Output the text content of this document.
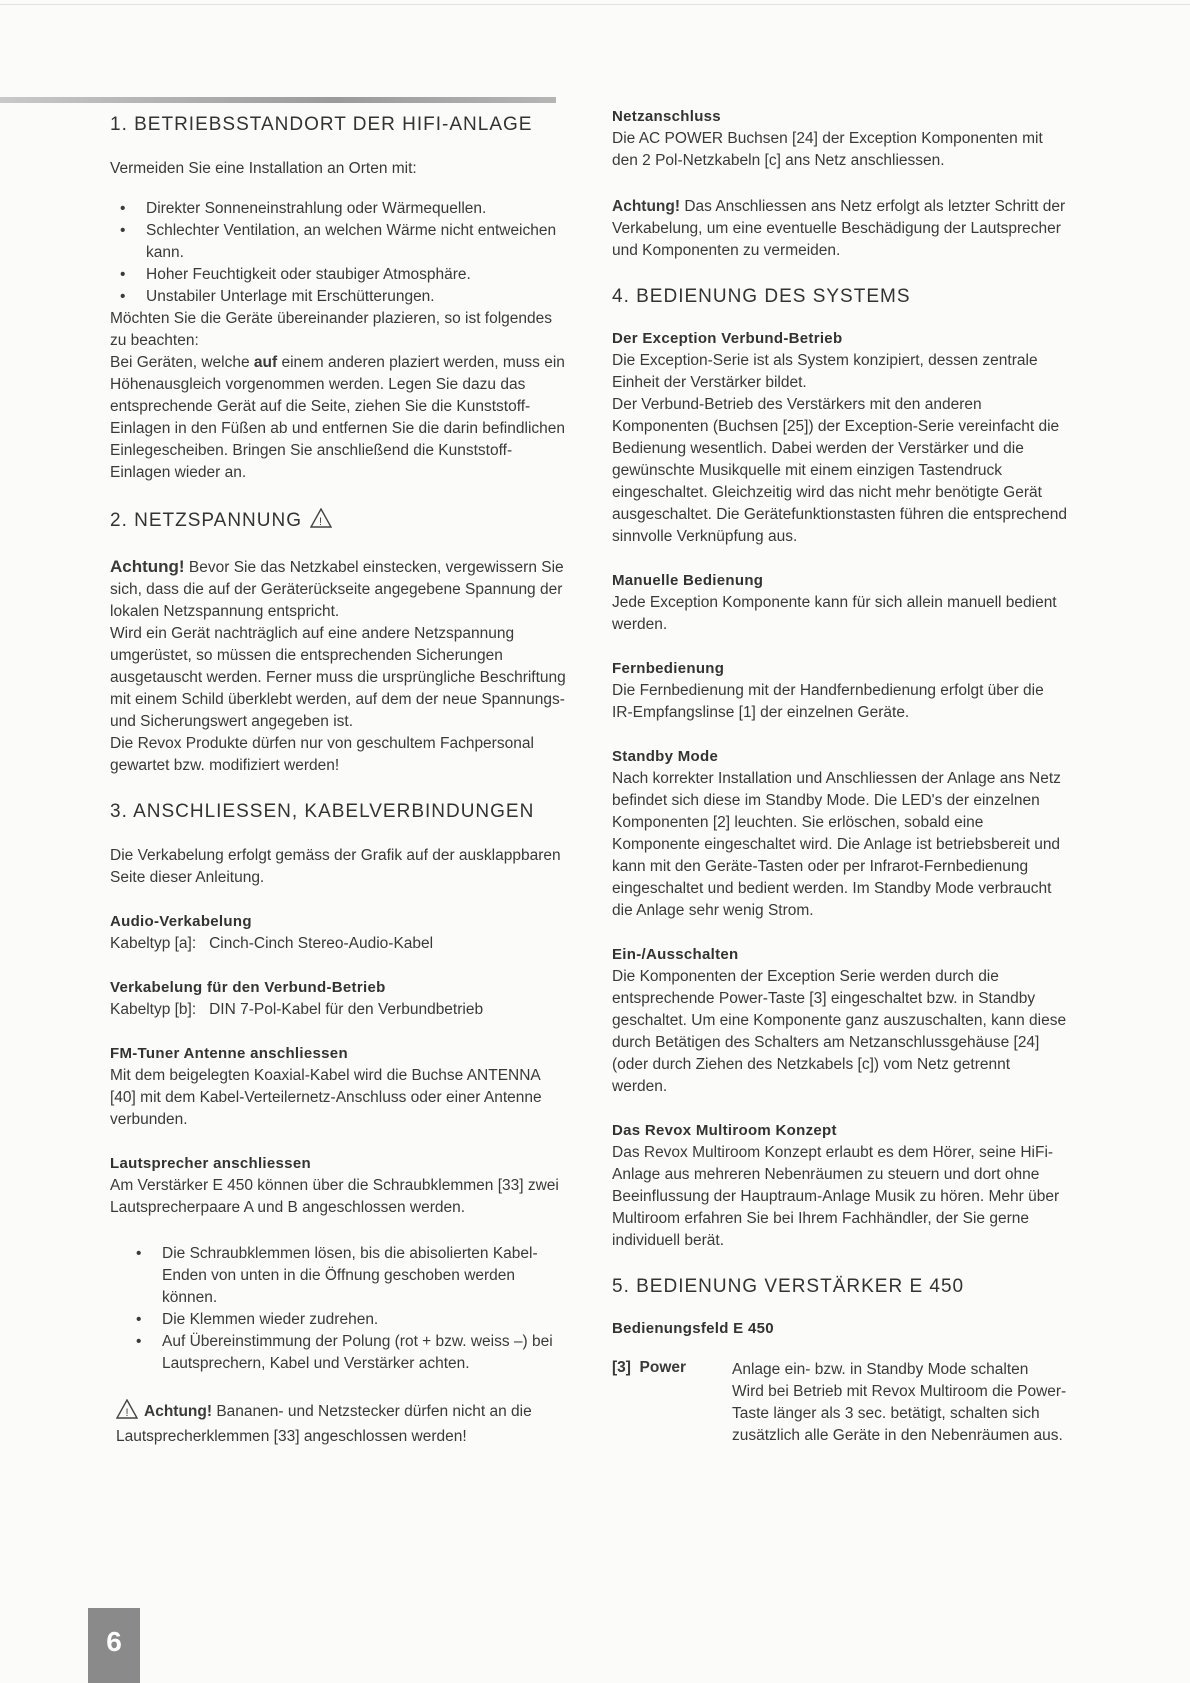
1. BETRIEBSSTANDORT DER HIFI-ANLAGE

Vermeiden Sie eine Installation an Orten mit:

• Direkter Sonneneinstrahlung oder Wärmequellen.
• Schlechter Ventilation, an welchen Wärme nicht entweichen kann.
• Hoher Feuchtigkeit oder staubiger Atmosphäre.
• Unstabiler Unterlage mit Erschütterungen.

Möchten Sie die Geräte übereinander plazieren, so ist folgendes zu beachten:

Bei Geräten, welche auf einem anderen plaziert werden, muss ein Höhenausgleich vorgenommen werden. Legen Sie dazu das entsprechende Gerät auf die Seite, ziehen Sie die Kunststoff-Einlagen in den Füßen ab und entfernen Sie die darin befindlichen Einlegescheiben. Bringen Sie anschließend die Kunststoff-Einlagen wieder an.

2. NETZSPANNUNG !

Achtung! Bevor Sie das Netzkabel einstecken, vergewissern Sie sich, dass die auf der Geräterückseite angegebene Spannung der lokalen Netzspannung entspricht.

Wird ein Gerät nachträglich auf eine andere Netzspannung umgerüstet, so müssen die entsprechenden Sicherungen ausgetauscht werden. Ferner muss die ursprüngliche Beschriftung mit einem Schild überklebt werden, auf dem der neue Spannungs- und Sicherungswert angegeben ist.

Die Revox Produkte dürfen nur von geschultem Fachpersonal gewartet bzw. modifiziert werden!

3. ANSCHLIESSEN, KABELVERBINDUNGEN

Die Verkabelung erfolgt gemäss der Grafik auf der ausklappbaren Seite dieser Anleitung.

Audio-Verkabelung

Kabeltyp [a]:   Cinch-Cinch Stereo-Audio-Kabel

Verkabelung für den Verbund-Betrieb

Kabeltyp [b]:   DIN 7-Pol-Kabel für den Verbundbetrieb

FM-Tuner Antenne anschliessen

Mit dem beigelegten Koaxial-Kabel wird die Buchse ANTENNA [40] mit dem Kabel-Verteilernetz-Anschluss oder einer Antenne verbunden.

Lautsprecher anschliessen

Am Verstärker E 450 können über die Schraubklemmen [33] zwei Lautsprecherpaare A und B angeschlossen werden.

• Die Schraubklemmen lösen, bis die abisolierten Kabel-Enden von unten in die Öffnung geschoben werden können.
• Die Klemmen wieder zudrehen.
• Auf Übereinstimmung der Polung (rot + bzw. weiss –) bei Lautsprechern, Kabel und Verstärker achten.

! Achtung! Bananen- und Netzstecker dürfen nicht an die Lautsprecherklemmen [33] angeschlossen werden!

Netzanschluss

Die AC POWER Buchsen [24] der Exception Komponenten mit den 2 Pol-Netzkabeln [c] ans Netz anschliessen.

Achtung! Das Anschliessen ans Netz erfolgt als letzter Schritt der Verkabelung, um eine eventuelle Beschädigung der Lautsprecher und Komponenten zu vermeiden.

4. BEDIENUNG DES SYSTEMS
Der Exception Verbund-Betrieb

Die Exception-Serie ist als System konzipiert, dessen zentrale Einheit der Verstärker bildet.

Der Verbund-Betrieb des Verstärkers mit den anderen Komponenten (Buchsen [25]) der Exception-Serie vereinfacht die Bedienung wesentlich. Dabei werden der Verstärker und die gewünschte Musikquelle mit einem einzigen Tastendruck eingeschaltet. Gleichzeitig wird das nicht mehr benötigte Gerät ausgeschaltet. Die Gerätefunktionstasten führen die entsprechend sinnvolle Verknüpfung aus.

Manuelle Bedienung

Jede Exception Komponente kann für sich allein manuell bedient werden.

Fernbedienung

Die Fernbedienung mit der Handfernbedienung erfolgt über die IR-Empfangslinse [1] der einzelnen Geräte.

Standby Mode

Nach korrekter Installation und Anschliessen der Anlage ans Netz befindet sich diese im Standby Mode. Die LED's der einzelnen Komponenten [2] leuchten. Sie erlöschen, sobald eine Komponente eingeschaltet wird. Die Anlage ist betriebsbereit und kann mit den Geräte-Tasten oder per Infrarot-Fernbedienung eingeschaltet und bedient werden. Im Standby Mode verbraucht die Anlage sehr wenig Strom.

Ein-/Ausschalten

Die Komponenten der Exception Serie werden durch die entsprechende Power-Taste [3] eingeschaltet bzw. in Standby geschaltet. Um eine Komponente ganz auszuschalten, kann diese durch Betätigen des Schalters am Netzanschlussgehäuse [24] (oder durch Ziehen des Netzkabels [c]) vom Netz getrennt werden.

Das Revox Multiroom Konzept

Das Revox Multiroom Konzept erlaubt es dem Hörer, seine HiFi-Anlage aus mehreren Nebenräumen zu steuern und dort ohne Beeinflussung der Hauptraum-Anlage Musik zu hören. Mehr über Multiroom erfahren Sie bei Ihrem Fachhändler, der Sie gerne individuell berät.

5. BEDIENUNG VERSTÄRKER E 450
Bedienungsfeld E 450
[3]  Power	Anlage ein- bzw. in Standby Mode schalten

Wird bei Betrieb mit Revox Multiroom die Power-Taste länger als 3 sec. betätigt, schalten sich zusätzlich alle Geräte in den Nebenräumen aus.

6
